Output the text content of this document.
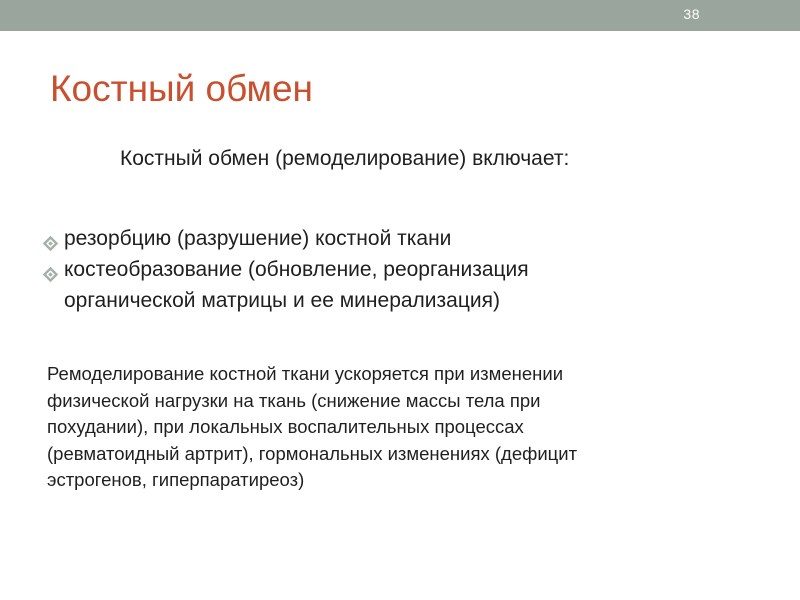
38
Костный обмен
Костный обмен (ремоделирование) включает:
резорбцию (разрушение) костной ткани
костеобразование (обновление, реорганизация
органической матрицы и ее минерализация)
Ремоделирование костной ткани ускоряется при изменении
физической нагрузки на ткань (снижение массы тела при
похудании), при локальных воспалительных процессах
(ревматоидный артрит), гормональных изменениях (дефицит
эстрогенов, гиперпаратиреоз)
